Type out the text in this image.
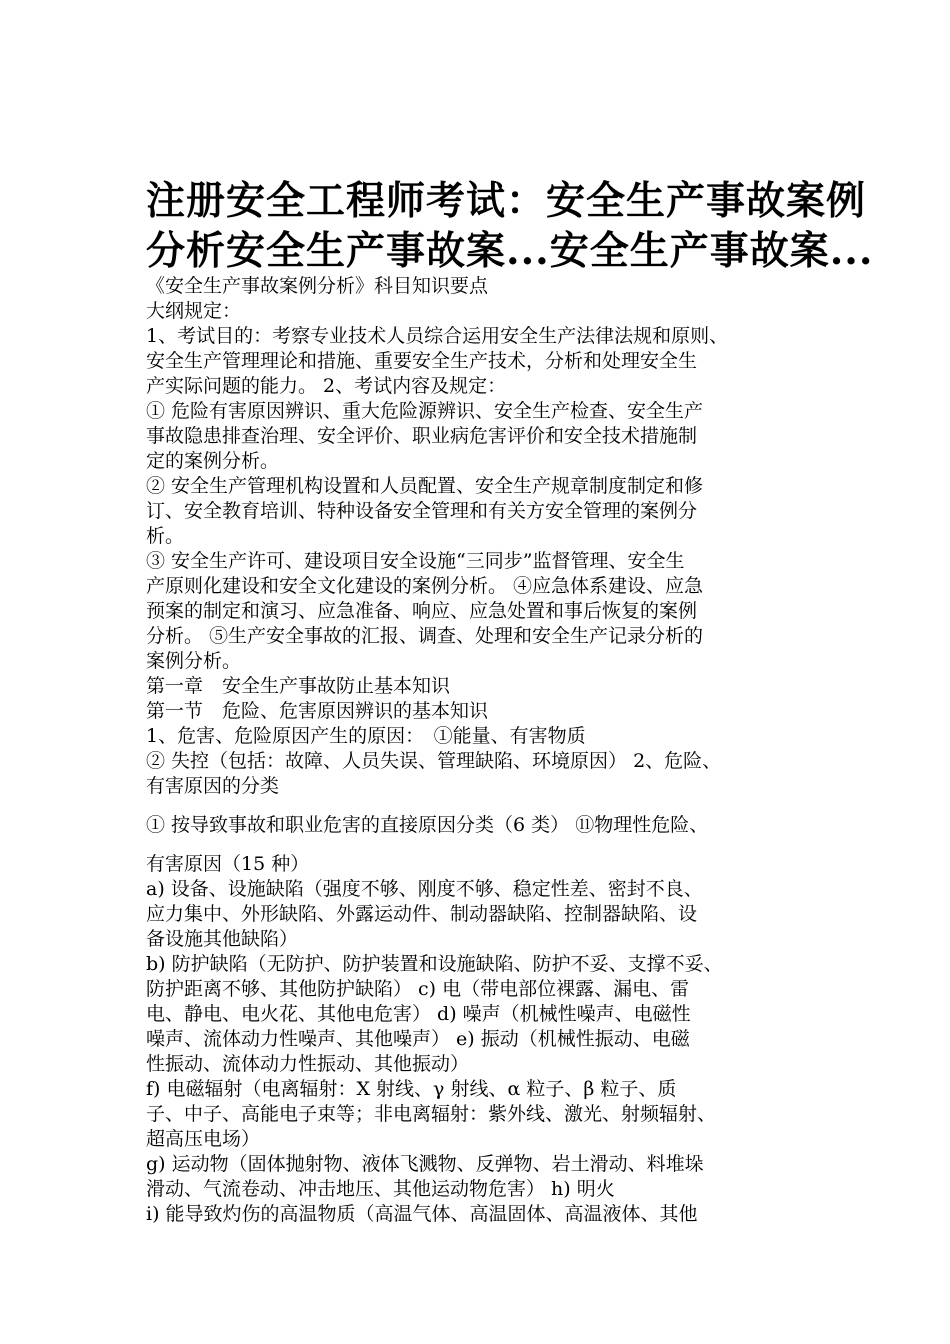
注册安全工程师考试：安全生产事故案例
分析安全生产事故案...安全生产事故案...
《安全生产事故案例分析》科目知识要点
大纲规定：
1、考试目的：考察专业技术人员综合运用安全生产法律法规和原则、
安全生产管理理论和措施、重要安全生产技术，分析和处理安全生
产实际问题的能力。 2、考试内容及规定：
① 危险有害原因辨识、重大危险源辨识、安全生产检查、安全生产
事故隐患排查治理、安全评价、职业病危害评价和安全技术措施制
定的案例分析。
② 安全生产管理机构设置和人员配置、安全生产规章制度制定和修
订、安全教育培训、特种设备安全管理和有关方安全管理的案例分
析。
③ 安全生产许可、建设项目安全设施“三同步”监督管理、安全生
产原则化建设和安全文化建设的案例分析。 ④应急体系建设、应急
预案的制定和演习、应急准备、响应、应急处置和事后恢复的案例
分析。 ⑤生产安全事故的汇报、调查、处理和安全生产记录分析的
案例分析。
第一章　安全生产事故防止基本知识
第一节　危险、危害原因辨识的基本知识
1、危害、危险原因产生的原因：　①能量、有害物质
② 失控（包括：故障、人员失误、管理缺陷、环境原因） 2、危险、
有害原因的分类
① 按导致事故和职业危害的直接原因分类（6 类） ⑪物理性危险、
有害原因（15 种）
a) 设备、设施缺陷（强度不够、刚度不够、稳定性差、密封不良、
应力集中、外形缺陷、外露运动件、制动器缺陷、控制器缺陷、设
备设施其他缺陷）
b) 防护缺陷（无防护、防护装置和设施缺陷、防护不妥、支撑不妥、
防护距离不够、其他防护缺陷） c) 电（带电部位裸露、漏电、雷
电、静电、电火花、其他电危害） d) 噪声（机械性噪声、电磁性
噪声、流体动力性噪声、其他噪声） e) 振动（机械性振动、电磁
性振动、流体动力性振动、其他振动）
f) 电磁辐射（电离辐射：X 射线、γ 射线、α 粒子、β 粒子、质
子、中子、高能电子束等；非电离辐射：紫外线、激光、射频辐射、
超高压电场）
g) 运动物（固体抛射物、液体飞溅物、反弹物、岩土滑动、料堆垛
滑动、气流卷动、冲击地压、其他运动物危害） h) 明火
i) 能导致灼伤的高温物质（高温气体、高温固体、高温液体、其他
